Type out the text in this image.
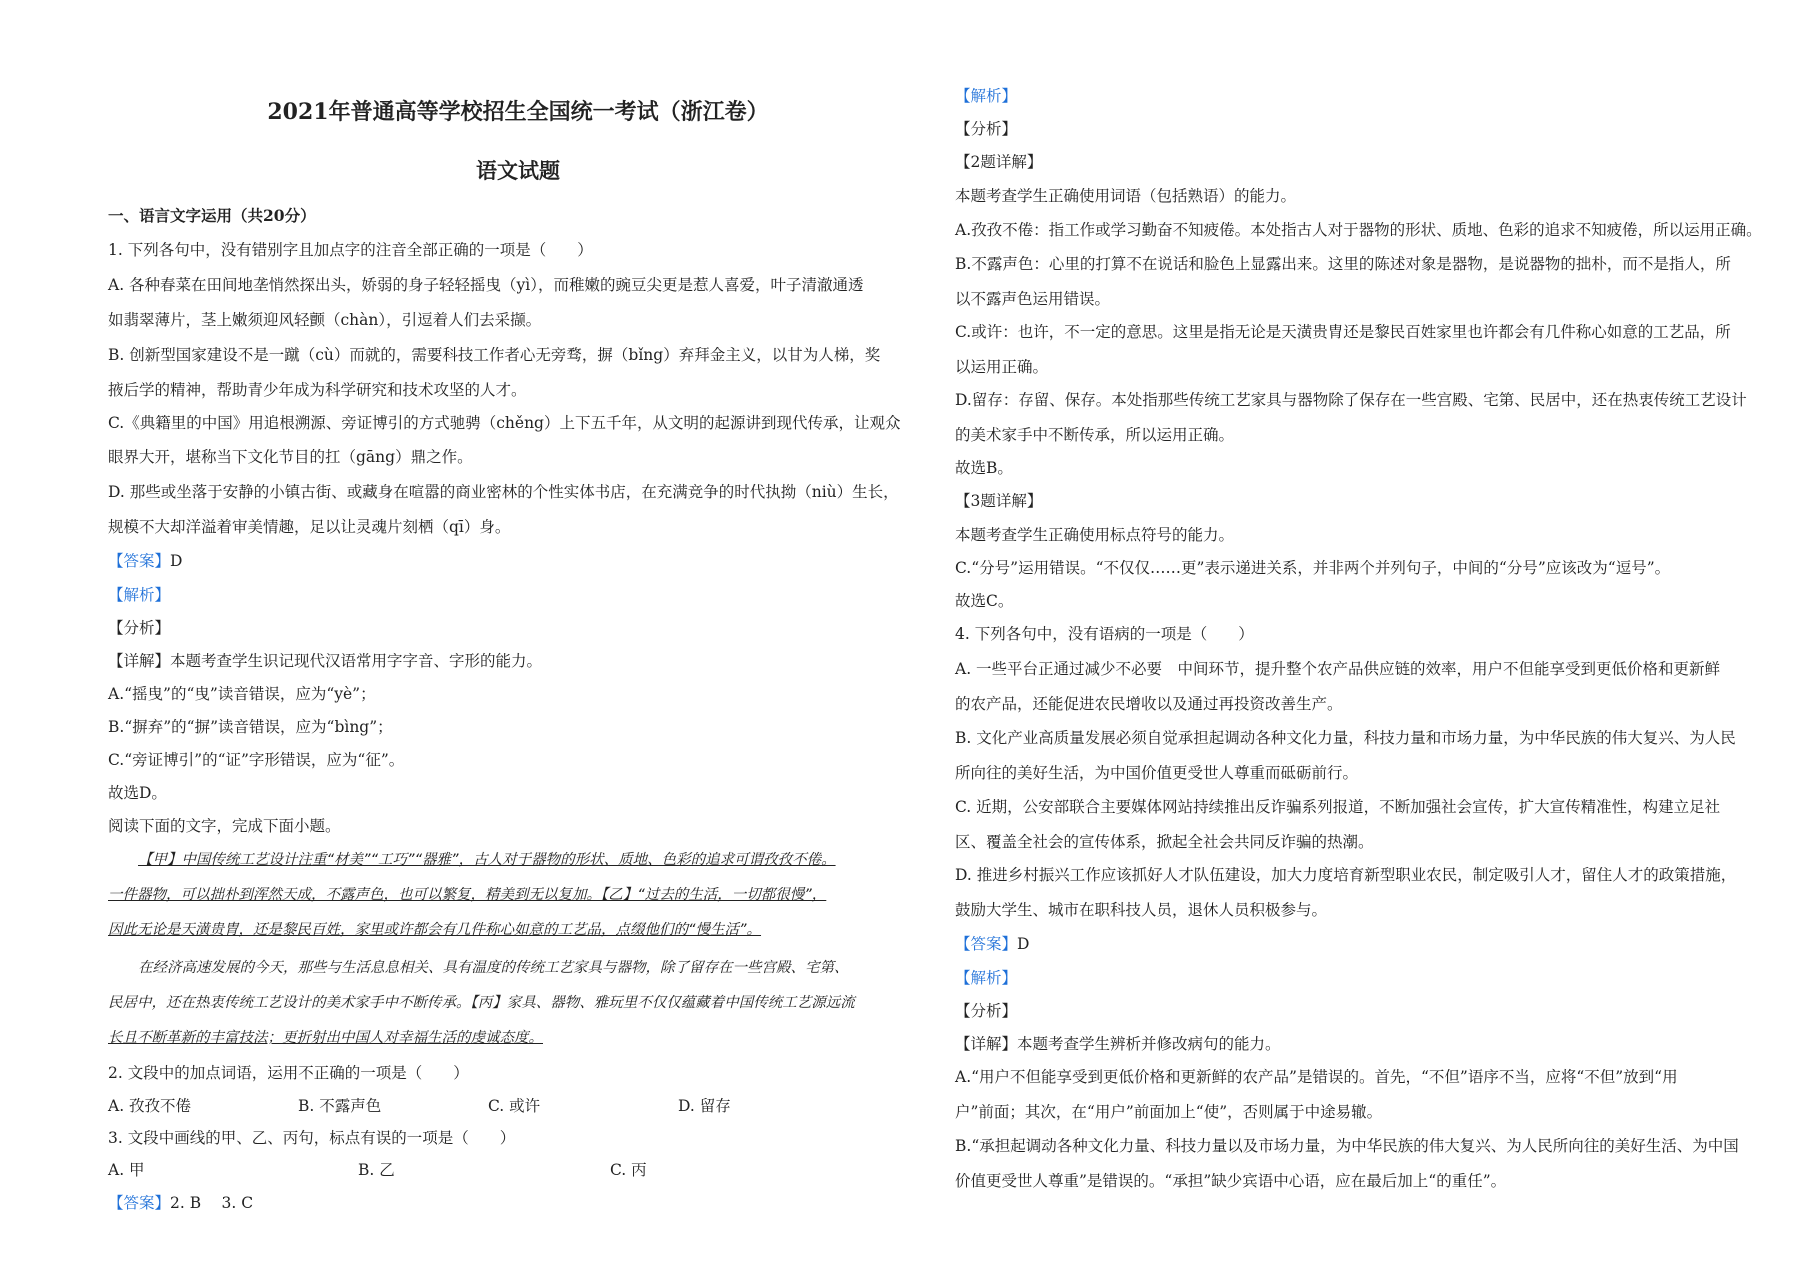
2021年普通高等学校招生全国统一考试（浙江卷）
语文试题
一、语言文字运用（共20分）
1. 下列各句中，没有错别字且加点字的注音全部正确的一项是（　　）
A. 各种春菜在田间地垄悄然探出头，娇弱的身子轻轻摇曳（yì），而稚嫩的豌豆尖更是惹人喜爱，叶子清澈通透
如翡翠薄片，茎上嫩须迎风轻颤（chàn），引逗着人们去采撷。
B. 创新型国家建设不是一蹴（cù）而就的，需要科技工作者心无旁骛，摒（bǐng）弃拜金主义，以甘为人梯，奖
掖后学的精神，帮助青少年成为科学研究和技术攻坚的人才。
C.《典籍里的中国》用追根溯源、旁证博引的方式驰骋（chěng）上下五千年，从文明的起源讲到现代传承，让观众
眼界大开，堪称当下文化节目的扛（gāng）鼎之作。
D. 那些或坐落于安静的小镇古街、或藏身在喧嚣的商业密林的个性实体书店，在充满竞争的时代执拗（niù）生长，
规模不大却洋溢着审美情趣，足以让灵魂片刻栖（qī）身。
【答案】D
【解析】
【分析】
【详解】本题考查学生识记现代汉语常用字字音、字形的能力。
A.“摇曳”的“曳”读音错误，应为“yè”；
B.“摒弃”的“摒”读音错误，应为“bìng”；
C.“旁证博引”的“证”字形错误，应为“征”。
故选D。
阅读下面的文字，完成下面小题。
【甲】中国传统工艺设计注重“材美”“工巧”“器雅”，古人对于器物的形状、质地、色彩的追求可谓孜孜不倦。
一件器物，可以拙朴到浑然天成，不露声色，也可以繁复，精美到无以复加。【乙】“过去的生活，一切都很慢”，
因此无论是天潢贵胄，还是黎民百姓，家里或许都会有几件称心如意的工艺品，点缀他们的“慢生活”。
在经济高速发展的今天，那些与生活息息相关、具有温度的传统工艺家具与器物，除了留存在一些宫殿、宅第、
民居中，还在热衷传统工艺设计的美术家手中不断传承。【丙】家具、器物、雅玩里不仅仅蕴藏着中国传统工艺源远流
长且不断革新的丰富技法；更折射出中国人对幸福生活的虔诚态度。
2. 文段中的加点词语，运用不正确的一项是（　　）
A. 孜孜不倦	B. 不露声色	C. 或许	D. 留存
3. 文段中画线的甲、乙、丙句，标点有误的一项是（　　）
A. 甲	B. 乙	C. 丙
【答案】2. B　 3. C
【解析】
【分析】
【2题详解】
本题考查学生正确使用词语（包括熟语）的能力。
A.孜孜不倦：指工作或学习勤奋不知疲倦。本处指古人对于器物的形状、质地、色彩的追求不知疲倦，所以运用正确。
B.不露声色：心里的打算不在说话和脸色上显露出来。这里的陈述对象是器物，是说器物的拙朴，而不是指人，所
以不露声色运用错误。
C.或许：也许，不一定的意思。这里是指无论是天潢贵胄还是黎民百姓家里也许都会有几件称心如意的工艺品，所
以运用正确。
D.留存：存留、保存。本处指那些传统工艺家具与器物除了保存在一些宫殿、宅第、民居中，还在热衷传统工艺设计
的美术家手中不断传承，所以运用正确。
故选B。
【3题详解】
本题考查学生正确使用标点符号的能力。
C.“分号”运用错误。“不仅仅……更”表示递进关系，并非两个并列句子，中间的“分号”应该改为“逗号”。
故选C。
4. 下列各句中，没有语病的一项是（　　）
A. 一些平台正通过减少不必要　中间环节，提升整个农产品供应链的效率，用户不但能享受到更低价格和更新鲜
的农产品，还能促进农民增收以及通过再投资改善生产。
B. 文化产业高质量发展必须自觉承担起调动各种文化力量，科技力量和市场力量，为中华民族的伟大复兴、为人民
所向往的美好生活，为中国价值更受世人尊重而砥砺前行。
C. 近期，公安部联合主要媒体网站持续推出反诈骗系列报道，不断加强社会宣传，扩大宣传精准性，构建立足社
区、覆盖全社会的宣传体系，掀起全社会共同反诈骗的热潮。
D. 推进乡村振兴工作应该抓好人才队伍建设，加大力度培育新型职业农民，制定吸引人才，留住人才的政策措施，
鼓励大学生、城市在职科技人员，退休人员积极参与。
【答案】D
【解析】
【分析】
【详解】本题考查学生辨析并修改病句的能力。
A.“用户不但能享受到更低价格和更新鲜的农产品”是错误的。首先，“不但”语序不当，应将“不但”放到“用
户”前面；其次，在“用户”前面加上“使”，否则属于中途易辙。
B.“承担起调动各种文化力量、科技力量以及市场力量，为中华民族的伟大复兴、为人民所向往的美好生活、为中国
价值更受世人尊重”是错误的。“承担”缺少宾语中心语，应在最后加上“的重任”。
